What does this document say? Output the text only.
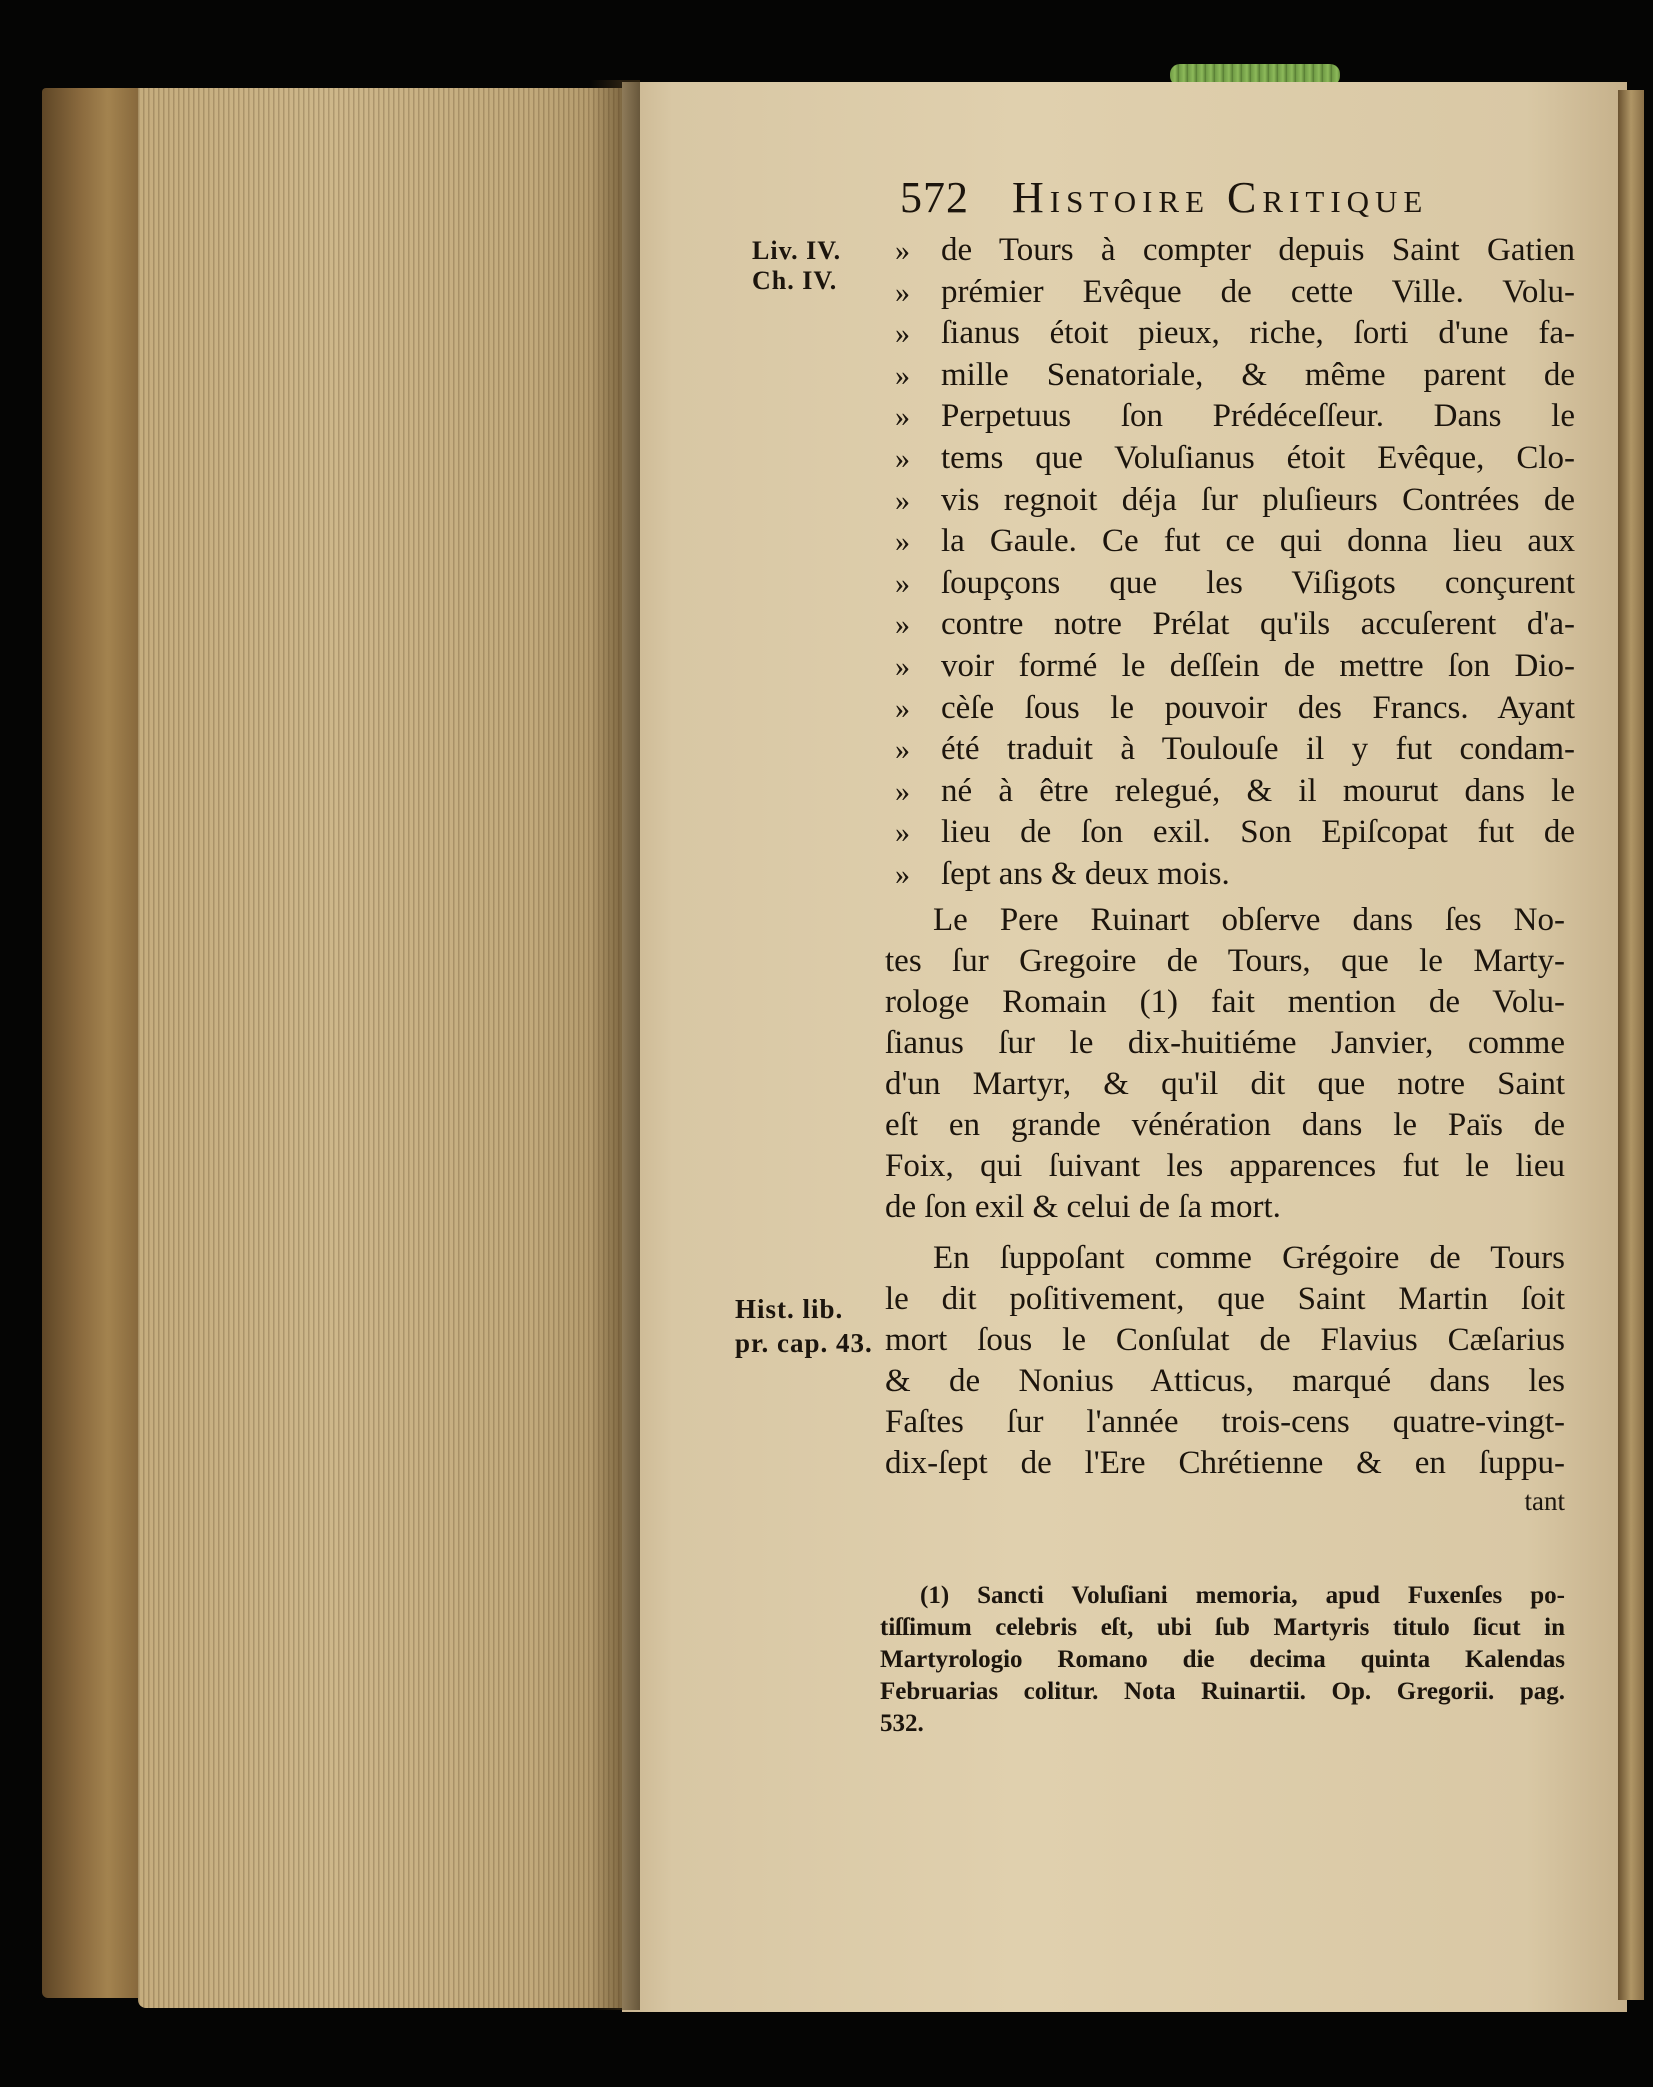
572 Histoire Critique
Liv. IV.
Ch. IV.
Hist. lib.
pr. cap. 43.
» de Tours à compter depuis Saint Gatien
» prémier Evêque de cette Ville. Volu-
» ſianus étoit pieux, riche, ſorti d'une fa-
» mille Senatoriale, & même parent de
» Perpetuus ſon Prédéceſſeur. Dans le
» tems que Voluſianus étoit Evêque, Clo-
» vis regnoit déja ſur pluſieurs Contrées de
» la Gaule. Ce fut ce qui donna lieu aux
» ſoupçons que les Viſigots conçurent
» contre notre Prélat qu'ils accuſerent d'a-
» voir formé le deſſein de mettre ſon Dio-
» cèſe ſous le pouvoir des Francs. Ayant
» été traduit à Toulouſe il y fut condam-
» né à être relegué, & il mourut dans le
» lieu de ſon exil. Son Epiſcopat fut de
» ſept ans & deux mois.
Le Pere Ruinart obſerve dans ſes No-
tes ſur Gregoire de Tours, que le Marty-
rologe Romain (1) fait mention de Volu-
ſianus ſur le dix-huitiéme Janvier, comme
d'un Martyr, & qu'il dit que notre Saint
eſt en grande vénération dans le Païs de
Foix, qui ſuivant les apparences fut le lieu
de ſon exil & celui de ſa mort.
En ſuppoſant comme Grégoire de Tours
le dit poſitivement, que Saint Martin ſoit
mort ſous le Conſulat de Flavius Cæſarius
& de Nonius Atticus, marqué dans les
Faſtes ſur l'année trois-cens quatre-vingt-
dix-ſept de l'Ere Chrétienne & en ſuppu-
tant
(1) Sancti Voluſiani memoria, apud Fuxenſes po-
tiſſimum celebris eſt, ubi ſub Martyris titulo ſicut in
Martyrologio Romano die decima quinta Kalendas
Februarias colitur. Nota Ruinartii. Op. Gregorii. pag.
532.
